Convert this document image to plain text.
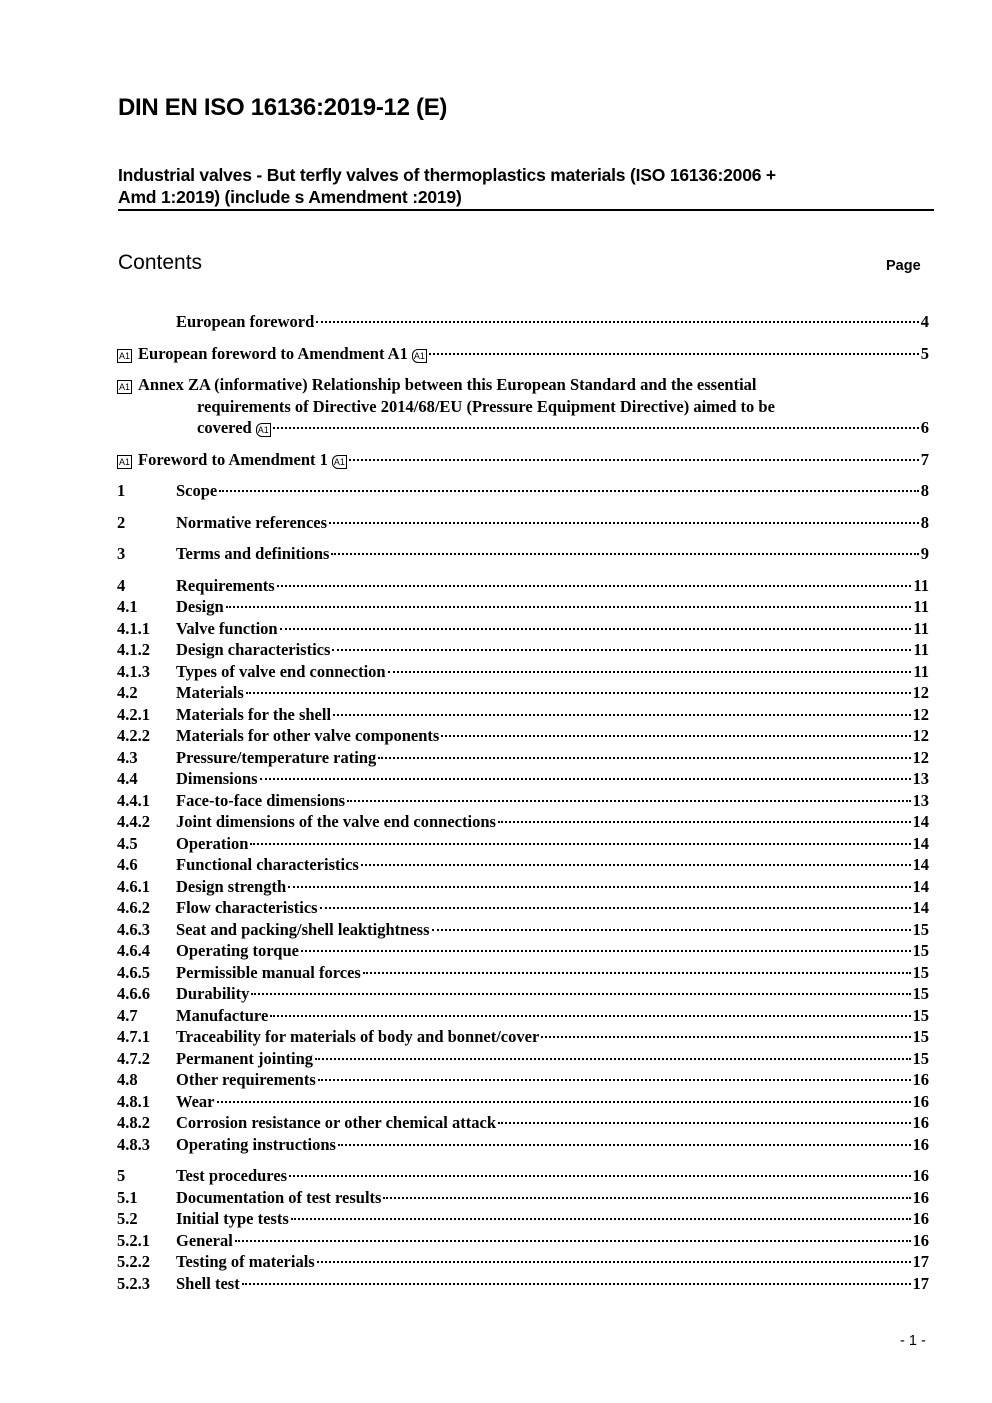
DIN EN ISO 16136:2019-12 (E)
Industrial valves - But terfly valves of thermoplastics materials (ISO 16136:2006 +
Amd 1:2019) (include s Amendment :2019)
Contents	Page
European foreword	4
A1 European foreword to Amendment A1 A1	5
A1 Annex ZA (informative) Relationship between this European Standard and the essential
requirements of Directive 2014/68/EU (Pressure Equipment Directive) aimed to be
covered A1	6
A1 Foreword to Amendment 1 A1	7
1	Scope	8
2	Normative references	8
3	Terms and definitions	9
4	Requirements	11
4.1	Design	11
4.1.1	Valve function	11
4.1.2	Design characteristics	11
4.1.3	Types of valve end connection	11
4.2	Materials	12
4.2.1	Materials for the shell	12
4.2.2	Materials for other valve components	12
4.3	Pressure/temperature rating	12
4.4	Dimensions	13
4.4.1	Face-to-face dimensions	13
4.4.2	Joint dimensions of the valve end connections	14
4.5	Operation	14
4.6	Functional characteristics	14
4.6.1	Design strength	14
4.6.2	Flow characteristics	14
4.6.3	Seat and packing/shell leaktightness	15
4.6.4	Operating torque	15
4.6.5	Permissible manual forces	15
4.6.6	Durability	15
4.7	Manufacture	15
4.7.1	Traceability for materials of body and bonnet/cover	15
4.7.2	Permanent jointing	15
4.8	Other requirements	16
4.8.1	Wear	16
4.8.2	Corrosion resistance or other chemical attack	16
4.8.3	Operating instructions	16
5	Test procedures	16
5.1	Documentation of test results	16
5.2	Initial type tests	16
5.2.1	General	16
5.2.2	Testing of materials	17
5.2.3	Shell test	17
- 1 -
